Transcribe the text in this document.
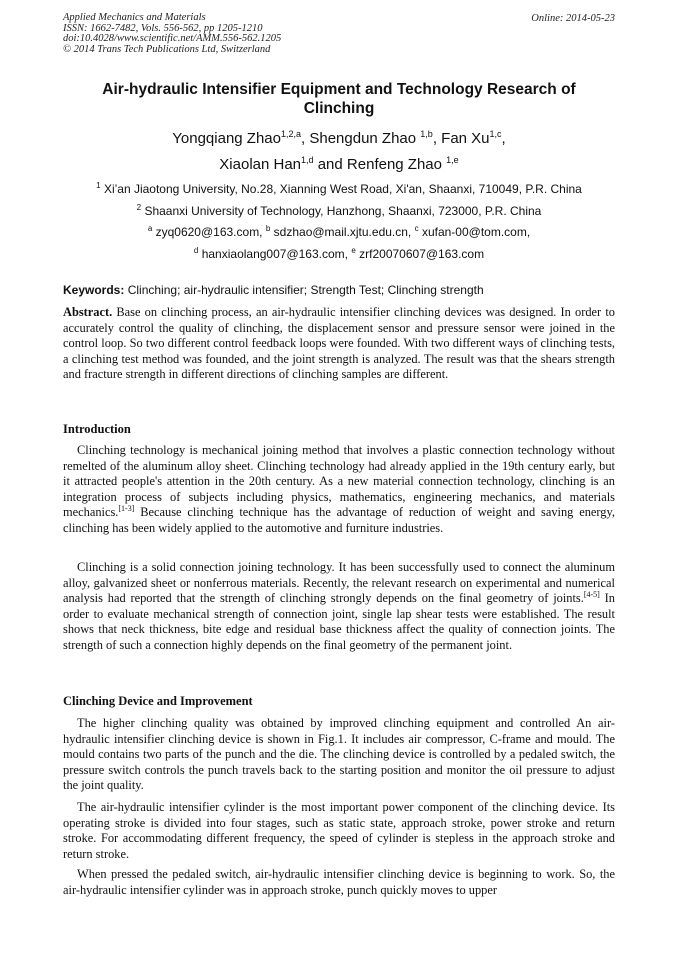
Applied Mechanics and Materials
ISSN: 1662-7482, Vols. 556-562, pp 1205-1210
doi:10.4028/www.scientific.net/AMM.556-562.1205
© 2014 Trans Tech Publications Ltd, Switzerland
Online: 2014-05-23
Air-hydraulic Intensifier Equipment and Technology Research of Clinching
Yongqiang Zhao$^{1,2,a}$, Shengdun Zhao $^{1,b}$, Fan Xu$^{1,c}$,
Xiaolan Han$^{1,d}$ and Renfeng Zhao $^{1,e}$
$^1$ Xi’an Jiaotong University, No.28, Xianning West Road, Xi'an, Shaanxi, 710049, P.R. China
$^2$ Shaanxi University of Technology, Hanzhong, Shaanxi, 723000, P.R. China
$^a$ zyq0620@163.com, $^b$ sdzhao@mail.xjtu.edu.cn, $^c$ xufan-00@tom.com,
$^d$ hanxiaolang007@163.com, $^e$ zrf20070607@163.com
Keywords: Clinching; air-hydraulic intensifier; Strength Test; Clinching strength

Abstract. Base on clinching process, an air-hydraulic intensifier clinching devices was designed. In order to accurately control the quality of clinching, the displacement sensor and pressure sensor were joined in the control loop. So two different control feedback loops were founded. With two different ways of clinching tests, a clinching test method was founded, and the joint strength is analyzed. The result was that the shears strength and fracture strength in different directions of clinching samples are different.

Introduction

Clinching technology is mechanical joining method that involves a plastic connection technology without remelted of the aluminum alloy sheet. Clinching technology had already applied in the 19th century early, but it attracted people's attention in the 20th century. As a new material connection technology, clinching is an integration process of subjects including physics, mathematics, engineering mechanics, and materials mechanics.[1-3] Because clinching technique has the advantage of reduction of weight and saving energy, clinching has been widely applied to the automotive and furniture industries.

Clinching is a solid connection joining technology. It has been successfully used to connect the aluminum alloy, galvanized sheet or nonferrous materials. Recently, the relevant research on experimental and numerical analysis had reported that the strength of clinching strongly depends on the final geometry of joints.[4-5] In order to evaluate mechanical strength of connection joint, single lap shear tests were established. The result shows that neck thickness, bite edge and residual base thickness affect the quality of connection joints. The strength of such a connection highly depends on the final geometry of the permanent joint.

Clinching Device and Improvement

The higher clinching quality was obtained by improved clinching equipment and controlled An air-hydraulic intensifier clinching device is shown in Fig.1. It includes air compressor, C-frame and mould. The mould contains two parts of the punch and the die. The clinching device is controlled by a pedaled switch, the pressure switch controls the punch travels back to the starting position and monitor the oil pressure to adjust the joint quality.

The air-hydraulic intensifier cylinder is the most important power component of the clinching device. Its operating stroke is divided into four stages, such as static state, approach stroke, power stroke and return stroke. For accommodating different frequency, the speed of cylinder is stepless in the approach stroke and return stroke.

When pressed the pedaled switch, air-hydraulic intensifier clinching device is beginning to work. So, the air-hydraulic intensifier cylinder was in approach stroke, punch quickly moves to upper
